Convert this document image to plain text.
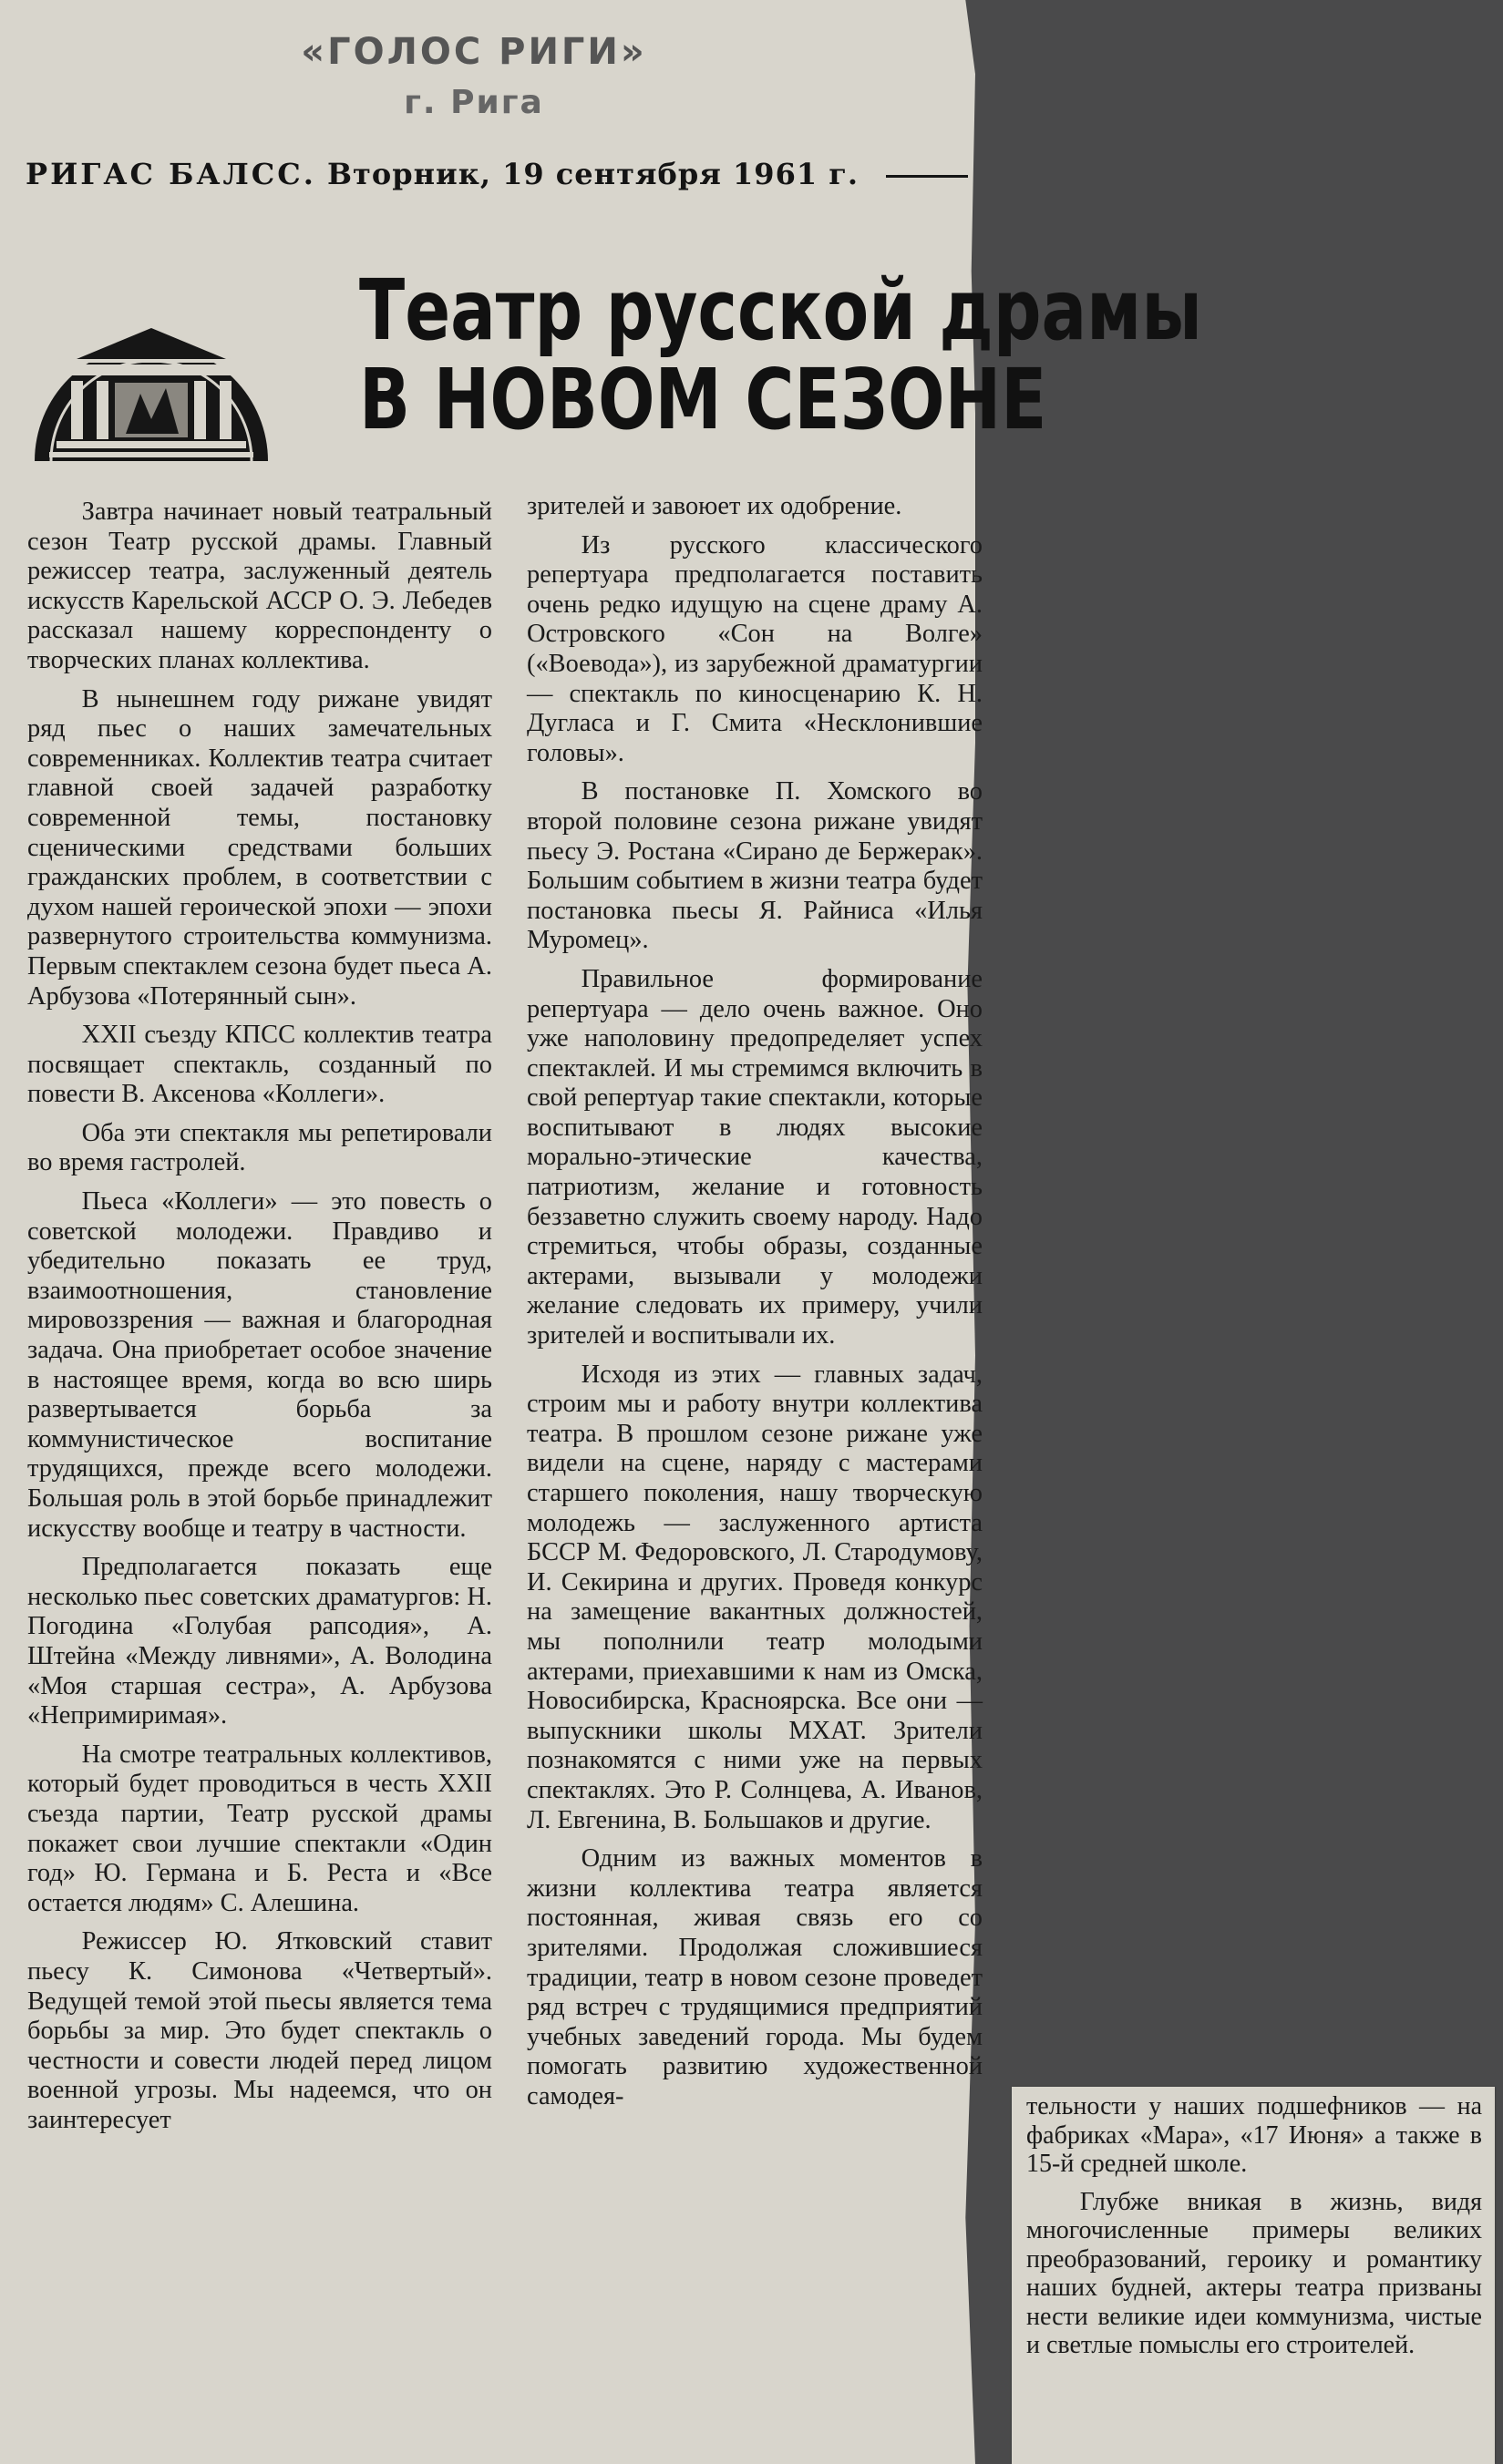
«ГОЛОС РИГИ»
г. Рига
РИГАС БАЛСС. Вторник, 19 сентября 1961 г.
Театр русской драмы
В НОВОМ СЕЗОНЕ

Завтра начинает новый театральный сезон Театр русской драмы. Главный режиссер театра, заслуженный деятель искусств Карельской АССР О. Э. Лебедев рассказал нашему корреспонденту о творческих планах коллектива.

В нынешнем году рижане увидят ряд пьес о наших замечательных современниках. Коллектив театра считает главной своей задачей разработку современной темы, постановку сценическими средствами больших гражданских проблем, в соответствии с духом нашей героической эпохи — эпохи развернутого строительства коммунизма. Первым спектаклем сезона будет пьеса А. Арбузова «Потерянный сын».

XXII съезду КПСС коллектив театра посвящает спектакль, созданный по повести В. Аксенова «Коллеги».

Оба эти спектакля мы репетировали во время гастролей.

Пьеса «Коллеги» — это повесть о советской молодежи. Правдиво и убедительно показать ее труд, взаимоотношения, становление мировоззрения — важная и благородная задача. Она приобретает особое значение в настоящее время, когда во всю ширь развертывается борьба за коммунистическое воспитание трудящихся, прежде всего молодежи. Большая роль в этой борьбе принадлежит искусству вообще и театру в частности.

Предполагается показать еще несколько пьес советских драматургов: Н. Погодина «Голубая рапсодия», А. Штейна «Между ливнями», А. Володина «Моя старшая сестра», А. Арбузова «Непримиримая».

На смотре театральных коллективов, который будет проводиться в честь XXII съезда партии, Театр русской драмы покажет свои лучшие спектакли «Один год» Ю. Германа и Б. Реста и «Все остается людям» С. Алешина.

Режиссер Ю. Ятковский ставит пьесу К. Симонова «Четвертый». Ведущей темой этой пьесы является тема борьбы за мир. Это будет спектакль о честности и совести людей перед лицом военной угрозы. Мы надеемся, что он заинтересует

зрителей и завоюет их одобрение.

Из русского классического репертуара предполагается поставить очень редко идущую на сцене драму А. Островского «Сон на Волге» («Воевода»), из зарубежной драматургии — спектакль по киносценарию К. Н. Дугласа и Г. Смита «Несклонившие головы».

В постановке П. Хомского во второй половине сезона рижане увидят пьесу Э. Ростана «Сирано де Бержерак». Большим событием в жизни театра будет постановка пьесы Я. Райниса «Илья Муромец».

Правильное формирование репертуара — дело очень важное. Оно уже наполовину предопределяет успех спектаклей. И мы стремимся включить в свой репертуар такие спектакли, которые воспитывают в людях высокие морально-этические качества, патриотизм, желание и готовность беззаветно служить своему народу. Надо стремиться, чтобы образы, созданные актерами, вызывали у молодежи желание следовать их примеру, учили зрителей и воспитывали их.

Исходя из этих — главных задач, строим мы и работу внутри коллектива театра. В прошлом сезоне рижане уже видели на сцене, наряду с мастерами старшего поколения, нашу творческую молодежь — заслуженного артиста БССР М. Федоровского, Л. Стародумову, И. Секирина и других. Проведя конкурс на замещение вакантных должностей, мы пополнили театр молодыми актерами, приехавшими к нам из Омска, Новосибирска, Красноярска. Все они — выпускники школы МХАТ. Зрители познакомятся с ними уже на первых спектаклях. Это Р. Солнцева, А. Иванов, Л. Евгенина, В. Большаков и другие.

Одним из важных моментов в жизни коллектива театра является постоянная, живая связь его со зрителями. Продолжая сложившиеся традиции, театр в новом сезоне проведет ряд встреч с трудящимися предприятий учебных заведений города. Мы будем помогать развитию художественной самодея-	тельности у наших подшефников — на фабриках «Мара», «17 Июня» а также в 15-й средней школе.

Глубже вникая в жизнь, видя многочисленные примеры великих преобразований, героику и романтику наших будней, актеры театра призваны нести великие идеи коммунизма, чистые и светлые помыслы его строителей.
